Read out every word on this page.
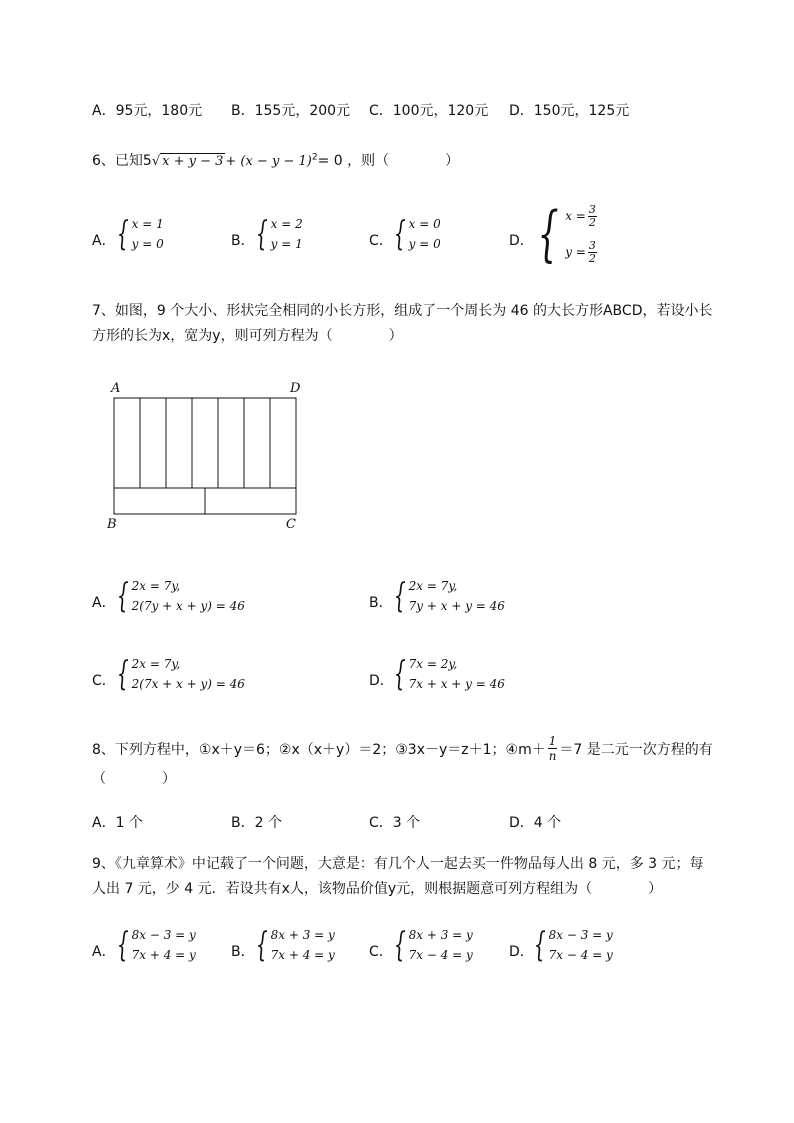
A．95元，180元 B．155元，200元 C．100元，120元 D．150元，125元
6、已知5√ $x + y - 3 + (x - y - 1)^2= 0$ ，则（　　　　）
A． { x = 1
y = 0	B． { x = 2
y = 1	C． { x = 0
y = 0	D． { $x = \frac{3}{2}$
$y = \frac{3}{2}$
7、如图，9 个大小、形状完全相同的小长方形，组成了一个周长为 46 的大长方形ABCD，若设小长
方形的长为x，宽为y，则可列方程为（　　　　）
A	D
B	C
A． { 2x = 7y,
2(7y + x + y) = 46	B． { 2x = 7y,
7y + x + y = 46
C． { 2x = 7y,
2(7x + x + y) = 46	D． { 7x = 2y,
7x + x + y = 46
8、下列方程中，①x＋y＝6；②x（x＋y）＝2；③3x－y＝z＋1；④m＋ $\frac{1}{n} =7$ 是二元一次方程的有
（　　　　）
A．1 个	B．2 个	C．3 个	D．4 个
9、《九章算术》中记载了一个问题，大意是：有几个人一起去买一件物品每人出 8 元，多 3 元；每
人出 7 元，少 4 元．若设共有x人，该物品价值y元，则根据题意可列方程组为（　　　　）
A． { 8x − 3 = y
7x + 4 = y	B． { 8x + 3 = y
7x + 4 = y C． { 8x + 3 = y
7x − 4 = y	D． { 8x − 3 = y
7x − 4 = y
